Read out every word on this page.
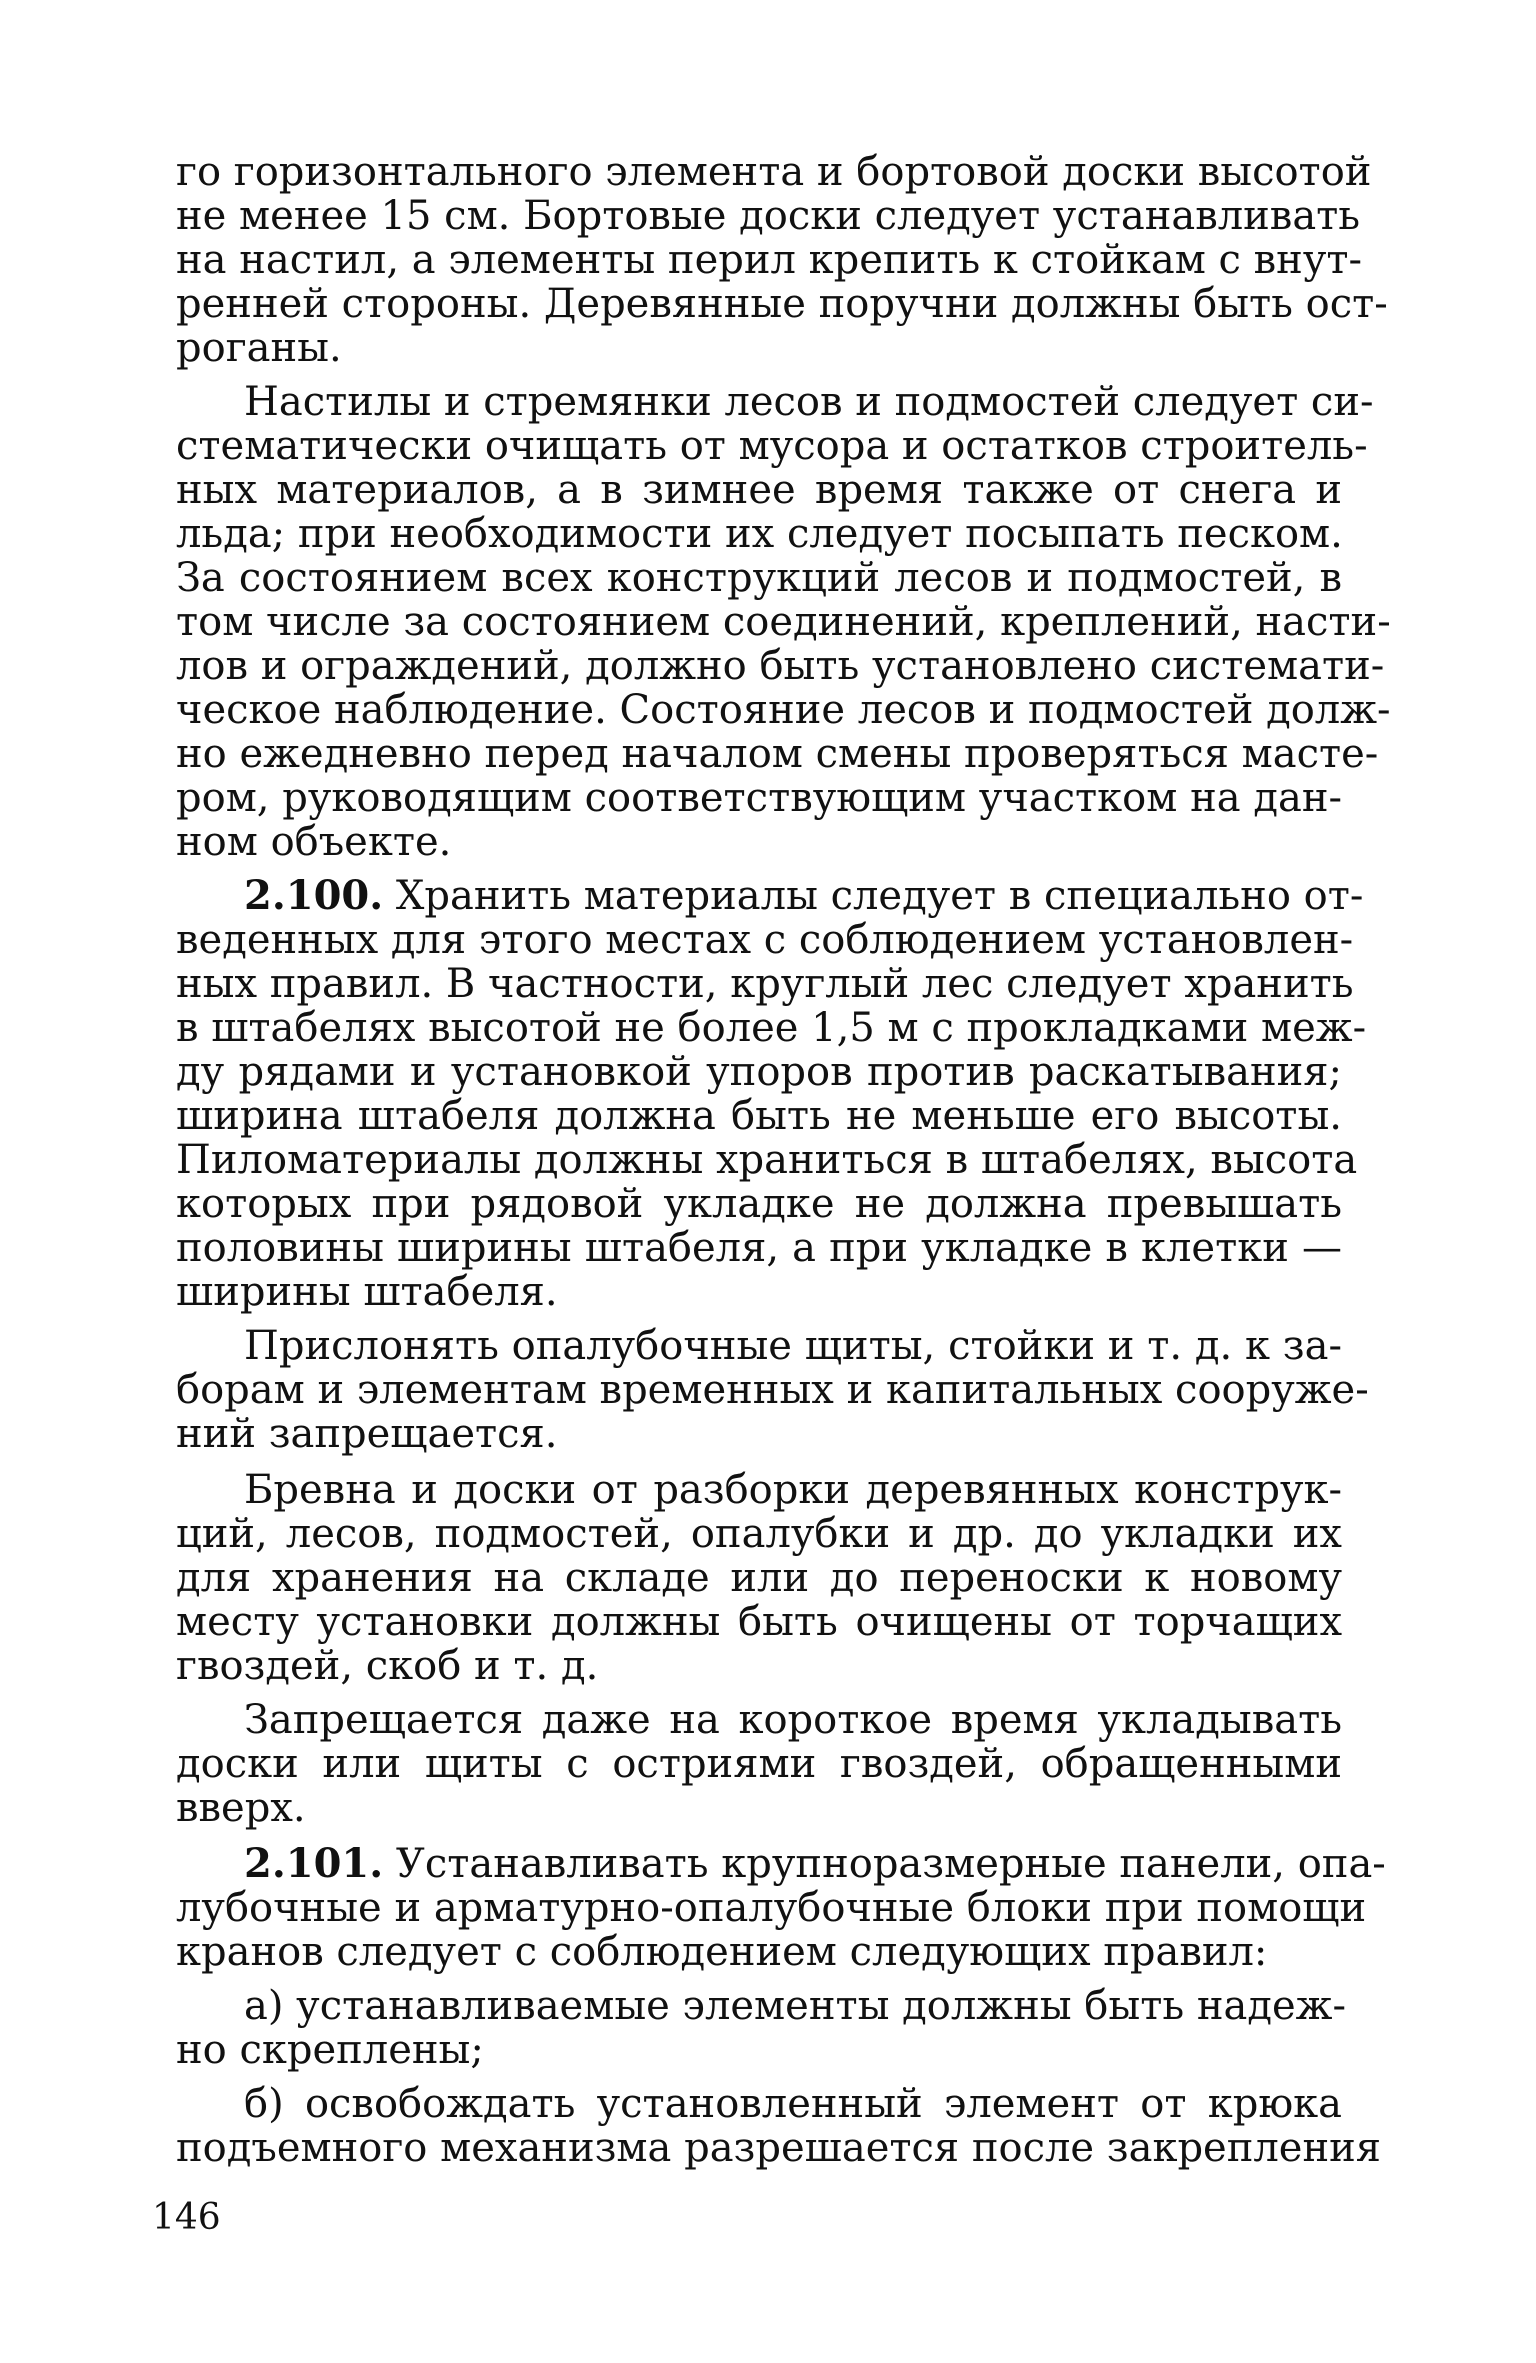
го горизонтального элемента и бортовой доски высотой
не менее 15 см. Бортовые доски следует устанавливать
на настил, а элементы перил крепить к стойкам с внут-
ренней стороны. Деревянные поручни должны быть ост-
роганы.
Настилы и стремянки лесов и подмостей следует си-
стематически очищать от мусора и остатков строитель-
ных материалов, а в зимнее время также от снега и
льда; при необходимости их следует посыпать песком.
За состоянием всех конструкций лесов и подмостей, в
том числе за состоянием соединений, креплений, насти-
лов и ограждений, должно быть установлено системати-
ческое наблюдение. Состояние лесов и подмостей долж-
но ежедневно перед началом смены проверяться масте-
ром, руководящим соответствующим участком на дан-
ном объекте.
2.100. Хранить материалы следует в специально от-
веденных для этого местах с соблюдением установлен-
ных правил. В частности, круглый лес следует хранить
в штабелях высотой не более 1,5 м с прокладками меж-
ду рядами и установкой упоров против раскатывания;
ширина штабеля должна быть не меньше его высоты.
Пиломатериалы должны храниться в штабелях, высота
которых при рядовой укладке не должна превышать
половины ширины штабеля, а при укладке в клетки —
ширины штабеля.
Прислонять опалубочные щиты, стойки и т. д. к за-
борам и элементам временных и капитальных сооруже-
ний запрещается.
Бревна и доски от разборки деревянных конструк-
ций, лесов, подмостей, опалубки и др. до укладки их
для хранения на складе или до переноски к новому
месту установки должны быть очищены от торчащих
гвоздей, скоб и т. д.
Запрещается даже на короткое время укладывать
доски или щиты с остриями гвоздей, обращенными
вверх.
2.101. Устанавливать крупноразмерные панели, опа-
лубочные и арматурно-опалубочные блоки при помощи
кранов следует с соблюдением следующих правил:
а) устанавливаемые элементы должны быть надеж-
но скреплены;
б) освобождать установленный элемент от крюка
подъемного механизма разрешается после закрепления
146
